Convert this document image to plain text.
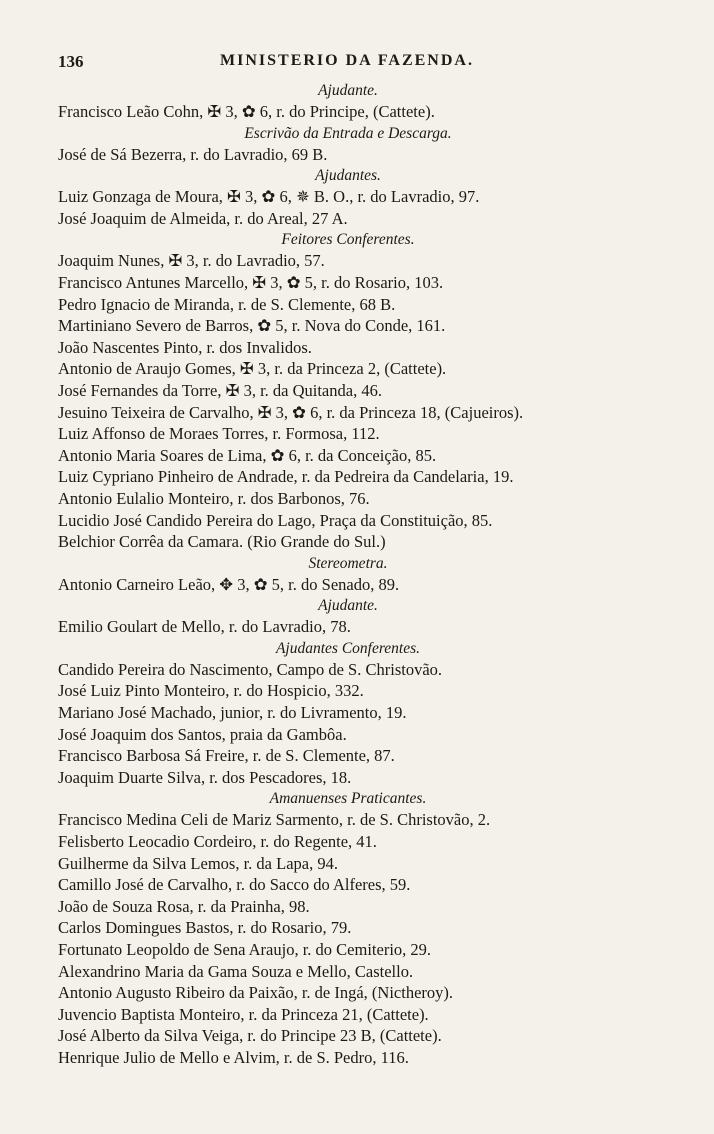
136	MINISTERIO DA FAZENDA.
Ajudante.
Francisco Leão Cohn, ✠ 3, ✿ 6, r. do Principe, (Cattete).
Escrivão da Entrada e Descarga.
José de Sá Bezerra, r. do Lavradio, 69 B.
Ajudantes.
Luiz Gonzaga de Moura, ✠ 3, ✿ 6, ✵ B. O., r. do Lavradio, 97.
José Joaquim de Almeida, r. do Areal, 27 A.
Feitores Conferentes.
Joaquim Nunes, ✠ 3, r. do Lavradio, 57.
Francisco Antunes Marcello, ✠ 3, ✿ 5, r. do Rosario, 103.
Pedro Ignacio de Miranda, r. de S. Clemente, 68 B.
Martiniano Severo de Barros, ✿ 5, r. Nova do Conde, 161.
João Nascentes Pinto, r. dos Invalidos.
Antonio de Araujo Gomes, ✠ 3, r. da Princeza 2, (Cattete).
José Fernandes da Torre, ✠ 3, r. da Quitanda, 46.
Jesuino Teixeira de Carvalho, ✠ 3, ✿ 6, r. da Princeza 18, (Cajueiros).
Luiz Affonso de Moraes Torres, r. Formosa, 112.
Antonio Maria Soares de Lima, ✿ 6, r. da Conceição, 85.
Luiz Cypriano Pinheiro de Andrade, r. da Pedreira da Candelaria, 19.
Antonio Eulalio Monteiro, r. dos Barbonos, 76.
Lucidio José Candido Pereira do Lago, Praça da Constituição, 85.
Belchior Corrêa da Camara. (Rio Grande do Sul.)
Stereometra.
Antonio Carneiro Leão, ✥ 3, ✿ 5, r. do Senado, 89.
Ajudante.
Emilio Goulart de Mello, r. do Lavradio, 78.
Ajudantes Conferentes.
Candido Pereira do Nascimento, Campo de S. Christovão.
José Luiz Pinto Monteiro, r. do Hospicio, 332.
Mariano José Machado, junior, r. do Livramento, 19.
José Joaquim dos Santos, praia da Gambôa.
Francisco Barbosa Sá Freire, r. de S. Clemente, 87.
Joaquim Duarte Silva, r. dos Pescadores, 18.
Amanuenses Praticantes.
Francisco Medina Celi de Mariz Sarmento, r. de S. Christovão, 2.
Felisberto Leocadio Cordeiro, r. do Regente, 41.
Guilherme da Silva Lemos, r. da Lapa, 94.
Camillo José de Carvalho, r. do Sacco do Alferes, 59.
João de Souza Rosa, r. da Prainha, 98.
Carlos Domingues Bastos, r. do Rosario, 79.
Fortunato Leopoldo de Sena Araujo, r. do Cemiterio, 29.
Alexandrino Maria da Gama Souza e Mello, Castello.
Antonio Augusto Ribeiro da Paixão, r. de Ingá, (Nictheroy).
Juvencio Baptista Monteiro, r. da Princeza 21, (Cattete).
José Alberto da Silva Veiga, r. do Principe 23 B, (Cattete).
Henrique Julio de Mello e Alvim, r. de S. Pedro, 116.
